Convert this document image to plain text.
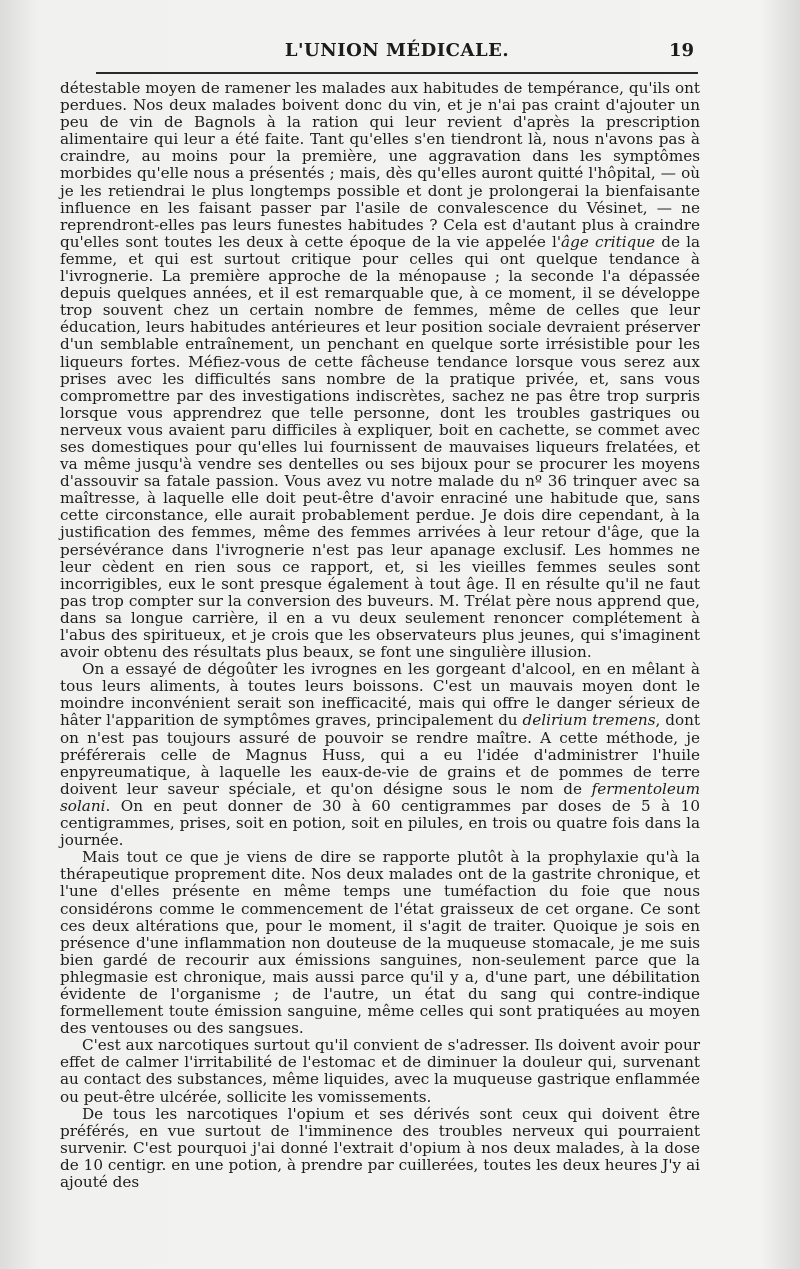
L'UNION MÉDICALE.	19

détestable moyen de ramener les malades aux habitudes de tempérance, qu'ils ont perdues. Nos deux malades boivent donc du vin, et je n'ai pas craint d'ajouter un peu de vin de Bagnols à la ration qui leur revient d'après la prescription alimentaire qui leur a été faite. Tant qu'elles s'en tiendront là, nous n'avons pas à craindre, au moins pour la première, une aggravation dans les symptômes morbides qu'elle nous a présentés ; mais, dès qu'elles auront quitté l'hôpital, — où je les retiendrai le plus longtemps possible et dont je prolongerai la bienfaisante influence en les faisant passer par l'asile de convalescence du Vésinet, — ne reprendront-elles pas leurs funestes habitudes ? Cela est d'autant plus à craindre qu'elles sont toutes les deux à cette époque de la vie appelée l'âge critique de la femme, et qui est surtout critique pour celles qui ont quelque tendance à l'ivrognerie. La première approche de la ménopause ; la seconde l'a dépassée depuis quelques années, et il est remarquable que, à ce moment, il se développe trop souvent chez un certain nombre de femmes, même de celles que leur éducation, leurs habitudes antérieures et leur position sociale devraient préserver d'un semblable entraînement, un penchant en quelque sorte irrésistible pour les liqueurs fortes. Méfiez-vous de cette fâcheuse tendance lorsque vous serez aux prises avec les difficultés sans nombre de la pratique privée, et, sans vous compromettre par des investigations indiscrètes, sachez ne pas être trop surpris lorsque vous apprendrez que telle personne, dont les troubles gastriques ou nerveux vous avaient paru difficiles à expliquer, boit en cachette, se commet avec ses domestiques pour qu'elles lui fournissent de mauvaises liqueurs frelatées, et va même jusqu'à vendre ses dentelles ou ses bijoux pour se procurer les moyens d'assouvir sa fatale passion. Vous avez vu notre malade du nº 36 trinquer avec sa maîtresse, à laquelle elle doit peut-être d'avoir enraciné une habitude que, sans cette circonstance, elle aurait probablement perdue. Je dois dire cependant, à la justification des femmes, même des femmes arrivées à leur retour d'âge, que la persévérance dans l'ivrognerie n'est pas leur apanage exclusif. Les hommes ne leur cèdent en rien sous ce rapport, et, si les vieilles femmes seules sont incorrigibles, eux le sont presque également à tout âge. Il en résulte qu'il ne faut pas trop compter sur la conversion des buveurs. M. Trélat père nous apprend que, dans sa longue carrière, il en a vu deux seulement renoncer complétement à l'abus des spiritueux, et je crois que les observateurs plus jeunes, qui s'imaginent avoir obtenu des résultats plus beaux, se font une singulière illusion.

On a essayé de dégoûter les ivrognes en les gorgeant d'alcool, en en mêlant à tous leurs aliments, à toutes leurs boissons. C'est un mauvais moyen dont le moindre inconvénient serait son inefficacité, mais qui offre le danger sérieux de hâter l'apparition de symptômes graves, principalement du delirium tremens, dont on n'est pas toujours assuré de pouvoir se rendre maître. A cette méthode, je préférerais celle de Magnus Huss, qui a eu l'idée d'administrer l'huile enpyreumatique, à laquelle les eaux-de-vie de grains et de pommes de terre doivent leur saveur spéciale, et qu'on désigne sous le nom de fermentoleum solani. On en peut donner de 30 à 60 centigrammes par doses de 5 à 10 centigrammes, prises, soit en potion, soit en pilules, en trois ou quatre fois dans la journée.

Mais tout ce que je viens de dire se rapporte plutôt à la prophylaxie qu'à la thérapeutique proprement dite. Nos deux malades ont de la gastrite chronique, et l'une d'elles présente en même temps une tuméfaction du foie que nous considérons comme le commencement de l'état graisseux de cet organe. Ce sont ces deux altérations que, pour le moment, il s'agit de traiter. Quoique je sois en présence d'une inflammation non douteuse de la muqueuse stomacale, je me suis bien gardé de recourir aux émissions sanguines, non-seulement parce que la phlegmasie est chronique, mais aussi parce qu'il y a, d'une part, une débilitation évidente de l'organisme ; de l'autre, un état du sang qui contre-indique formellement toute émission sanguine, même celles qui sont pratiquées au moyen des ventouses ou des sangsues.

C'est aux narcotiques surtout qu'il convient de s'adresser. Ils doivent avoir pour effet de calmer l'irritabilité de l'estomac et de diminuer la douleur qui, survenant au contact des substances, même liquides, avec la muqueuse gastrique enflammée ou peut-être ulcérée, sollicite les vomissements.

De tous les narcotiques l'opium et ses dérivés sont ceux qui doivent être préférés, en vue surtout de l'imminence des troubles nerveux qui pourraient survenir. C'est pourquoi j'ai donné l'extrait d'opium à nos deux malades, à la dose de 10 centigr. en une potion, à prendre par cuillerées, toutes les deux heures J'y ai ajouté des
